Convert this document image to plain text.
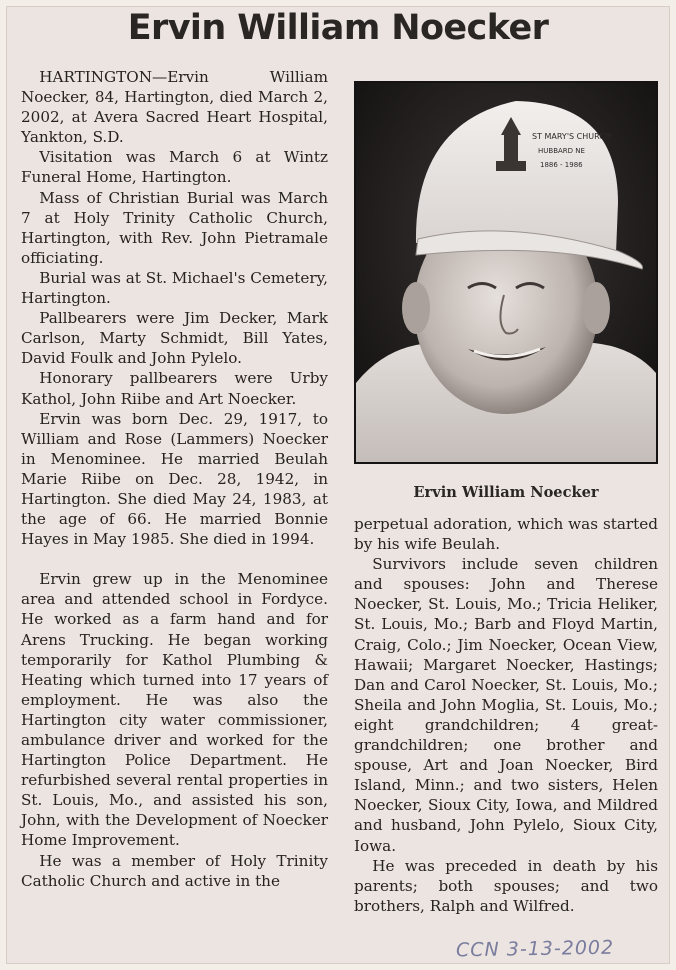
Ervin William Noecker

HARTINGTON—Ervin William Noecker, 84, Hartington, died March 2, 2002, at Avera Sacred Heart Hospital, Yankton, S.D.

Visitation was March 6 at Wintz Funeral Home, Hartington.

Mass of Christian Burial was March 7 at Holy Trinity Catholic Church, Hartington, with Rev. John Pietramale officiating.

Burial was at St. Michael's Cemetery, Hartington.

Pallbearers were Jim Decker, Mark Carlson, Marty Schmidt, Bill Yates, David Foulk and John Pylelo.

Honorary pallbearers were Urby Kathol, John Riibe and Art Noecker.

Ervin was born Dec. 29, 1917, to William and Rose (Lammers) Noecker in Menominee. He married Beulah Marie Riibe on Dec. 28, 1942, in Hartington. She died May 24, 1983, at the age of 66. He married Bonnie Hayes in May 1985. She died in 1994.

Ervin grew up in the Menominee area and attended school in Fordyce. He worked as a farm hand and for Arens Trucking. He began working temporarily for Kathol Plumbing & Heating which turned into 17 years of employment. He was also the Hartington city water commissioner, ambulance driver and worked for the Hartington Police Department. He refurbished several rental properties in St. Louis, Mo., and assisted his son, John, with the Development of Noecker Home Improvement.

He was a member of Holy Trinity Catholic Church and active in the

ST MARY'S CHURCH
HUBBARD NE
1886 - 1986
Ervin William Noecker

perpetual adoration, which was started by his wife Beulah.

Survivors include seven children and spouses: John and Therese Noecker, St. Louis, Mo.; Tricia Heliker, St. Louis, Mo.; Barb and Floyd Martin, Craig, Colo.; Jim Noecker, Ocean View, Hawaii; Margaret Noecker, Hastings; Dan and Carol Noecker, St. Louis, Mo.; Sheila and John Moglia, St. Louis, Mo.; eight grandchildren; 4 great-grandchildren; one brother and spouse, Art and Joan Noecker, Bird Island, Minn.; and two sisters, Helen Noecker, Sioux City, Iowa, and Mildred and husband, John Pylelo, Sioux City, Iowa.

He was preceded in death by his parents; both spouses; and two brothers, Ralph and Wilfred.

CCN 3-13-2002
